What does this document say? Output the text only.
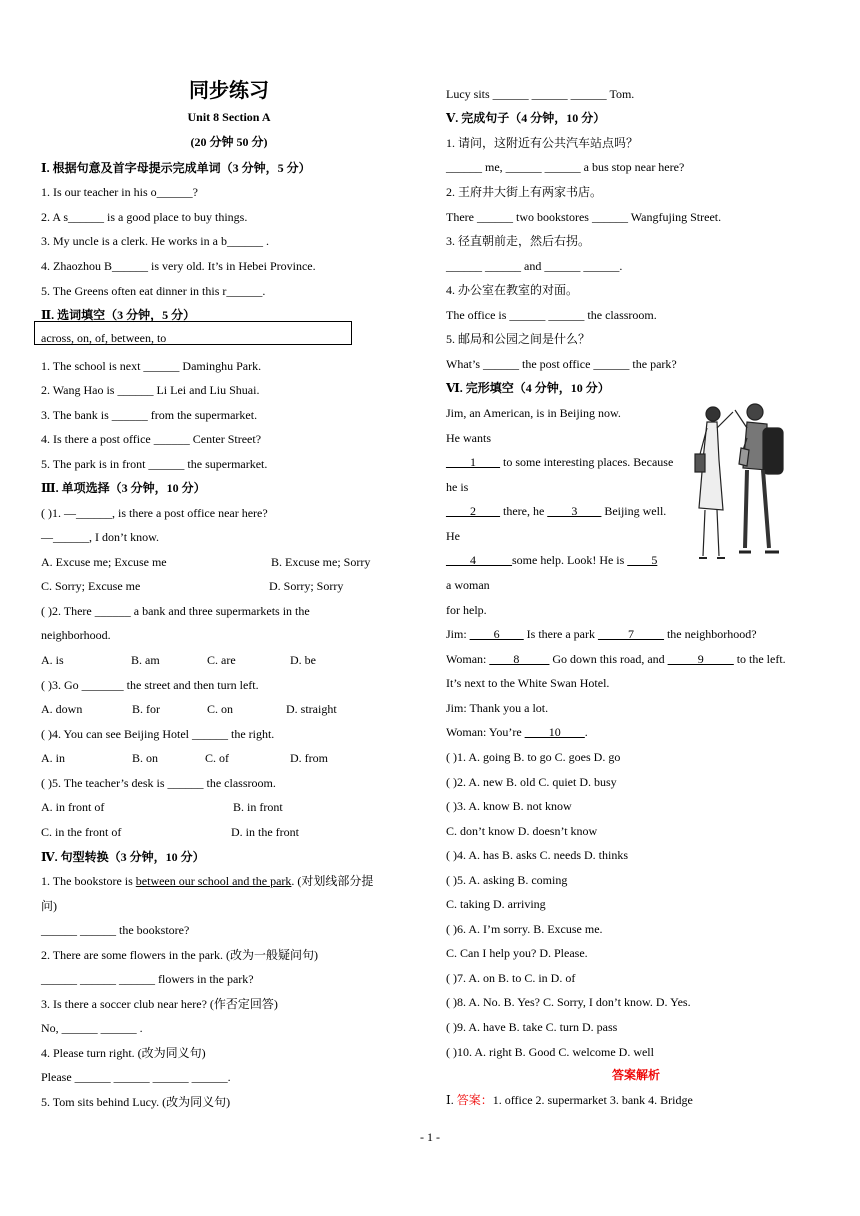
同步练习
Unit 8 Section A
(20 分钟 50 分)
Ⅰ. 根据句意及首字母提示完成单词（3 分钟，5 分）
1. Is our teacher in his o______?
2. A s______ is a good place to buy things.
3. My uncle is a clerk. He works in a b______ .
4. Zhaozhou B______ is very old. It’s in Hebei Province.
5. The Greens often eat dinner in this r______.
Ⅱ. 选词填空（3 分钟，5 分）
1. The school is next ______ Daminghu Park.
2. Wang Hao is ______ Li Lei and Liu Shuai.
3. The bank is ______ from the supermarket.
4. Is there a post office ______ Center Street?
5. The park is in front ______ the supermarket.
Ⅲ. 单项选择（3 分钟，10 分）
( )1. —______, is there a post office near here?
—______, I don’t know.
( )3. Go _______ the street and then turn left.
( )4. You can see Beijing Hotel ______ the right.
( )5. The teacher’s desk is ______ the classroom.
Ⅳ. 句型转换（3 分钟，10 分）
问)
______ ______ the bookstore?
2. There are some flowers in the park. (改为一般疑问句)
______ ______ ______ flowers in the park?
3. Is there a soccer club near here? (作否定回答)
No, ______ ______ .
4. Please turn right. (改为同义句)
Please ______ ______ ______ ______.
5. Tom sits behind Lucy. (改为同义句)
across, on, of, between, to
A. Excuse me; Excuse me	B. Excuse me; Sorry
C. Sorry; Excuse me	D. Sorry; Sorry
( )2. There ______ a bank and three supermarkets in the
neighborhood.
A. is	B. am	C. are	D. be
A. down	B. for	C. on	D. straight
A. in	B. on	C. of	D. from
A. in front of	B. in front
C. in the front of	D. in the front
1. The bookstore is between our school and the park. (对划线部分提
Lucy sits ______ ______ ______ Tom.
Ⅴ. 完成句子（4 分钟，10 分）
1. 请问，这附近有公共汽车站点吗？
______ me, ______ ______ a bus stop near here?
2. 王府井大街上有两家书店。
There ______ two bookstores ______ Wangfujing Street.
3. 径直朝前走，然后右拐。
______ ______ and ______ ______.
4. 办公室在教室的对面。
The office is ______ ______ the classroom.
5. 邮局和公园之间是什么？
What’s ______ the post office ______ the park?
Ⅵ. 完形填空（4 分钟，10 分）
Jim, an American, is in Beijing now.
He wants
he is
He
a woman
for help.
It’s next to the White Swan Hotel.
Jim: Thank you a lot.
( )1. A. going B. to go C. goes D. go
( )2. A. new B. old C. quiet D. busy
( )3. A. know B. not know
C. don’t know D. doesn’t know
( )4. A. has B. asks C. needs D. thinks
( )5. A. asking B. coming
C. taking D. arriving
( )6. A. I’m sorry. B. Excuse me.
C. Can I help you? D. Please.
( )7. A. on B. to C. in D. of
( )8. A. No. B. Yes? C. Sorry, I don’t know. D. Yes.
( )9. A. have B. take C. turn D. pass
( )10. A. right B. Good C. welcome D. well
____1____ to some interesting places. Because
____2____ there, he ____3____ Beijing well.
____4______some help. Look! He is ____5
Jim: ____6____ Is there a park _____7_____ the neighborhood?
Woman: ____8_____ Go down this road, and _____9_____ to the left.
Woman: You’re ____10____.
答案解析
Ⅰ. 答案：1. office 2. supermarket 3. bank 4. Bridge
- 1 -
